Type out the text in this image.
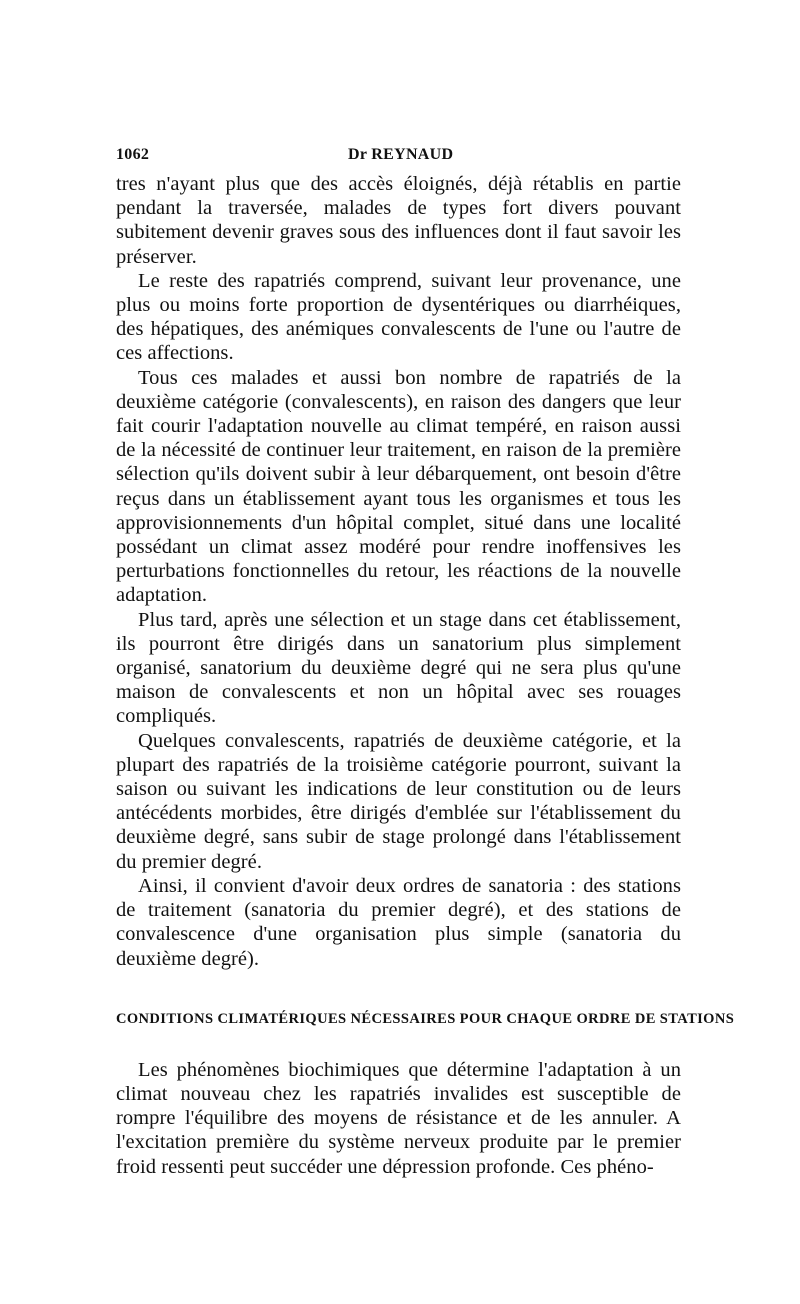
1062	Dr REYNAUD

tres n'ayant plus que des accès éloignés, déjà rétablis en partie pendant la traversée, malades de types fort divers pouvant subitement devenir graves sous des influences dont il faut savoir les préserver.

Le reste des rapatriés comprend, suivant leur provenance, une plus ou moins forte proportion de dysentériques ou diarrhéiques, des hépatiques, des anémiques convalescents de l'une ou l'autre de ces affections.

Tous ces malades et aussi bon nombre de rapatriés de la deuxième catégorie (convalescents), en raison des dangers que leur fait courir l'adaptation nouvelle au climat tempéré, en raison aussi de la nécessité de continuer leur traitement, en raison de la première sélection qu'ils doivent subir à leur débarquement, ont besoin d'être reçus dans un établissement ayant tous les organismes et tous les approvisionnements d'un hôpital complet, situé dans une localité possédant un climat assez modéré pour rendre inoffensives les perturbations fonctionnelles du retour, les réactions de la nouvelle adaptation.

Plus tard, après une sélection et un stage dans cet établissement, ils pourront être dirigés dans un sanatorium plus simplement organisé, sanatorium du deuxième degré qui ne sera plus qu'une maison de convalescents et non un hôpital avec ses rouages compliqués.

Quelques convalescents, rapatriés de deuxième catégorie, et la plupart des rapatriés de la troisième catégorie pourront, suivant la saison ou suivant les indications de leur constitution ou de leurs antécédents morbides, être dirigés d'emblée sur l'établissement du deuxième degré, sans subir de stage prolongé dans l'établissement du premier degré.

Ainsi, il convient d'avoir deux ordres de sanatoria : des stations de traitement (sanatoria du premier degré), et des stations de convalescence d'une organisation plus simple (sanatoria du deuxième degré).

CONDITIONS CLIMATÉRIQUES NÉCESSAIRES POUR CHAQUE ORDRE DE STATIONS

Les phénomènes biochimiques que détermine l'adaptation à un climat nouveau chez les rapatriés invalides est susceptible de rompre l'équilibre des moyens de résistance et de les annuler. A l'excitation première du système nerveux produite par le premier froid ressenti peut succéder une dépression profonde. Ces phéno-
